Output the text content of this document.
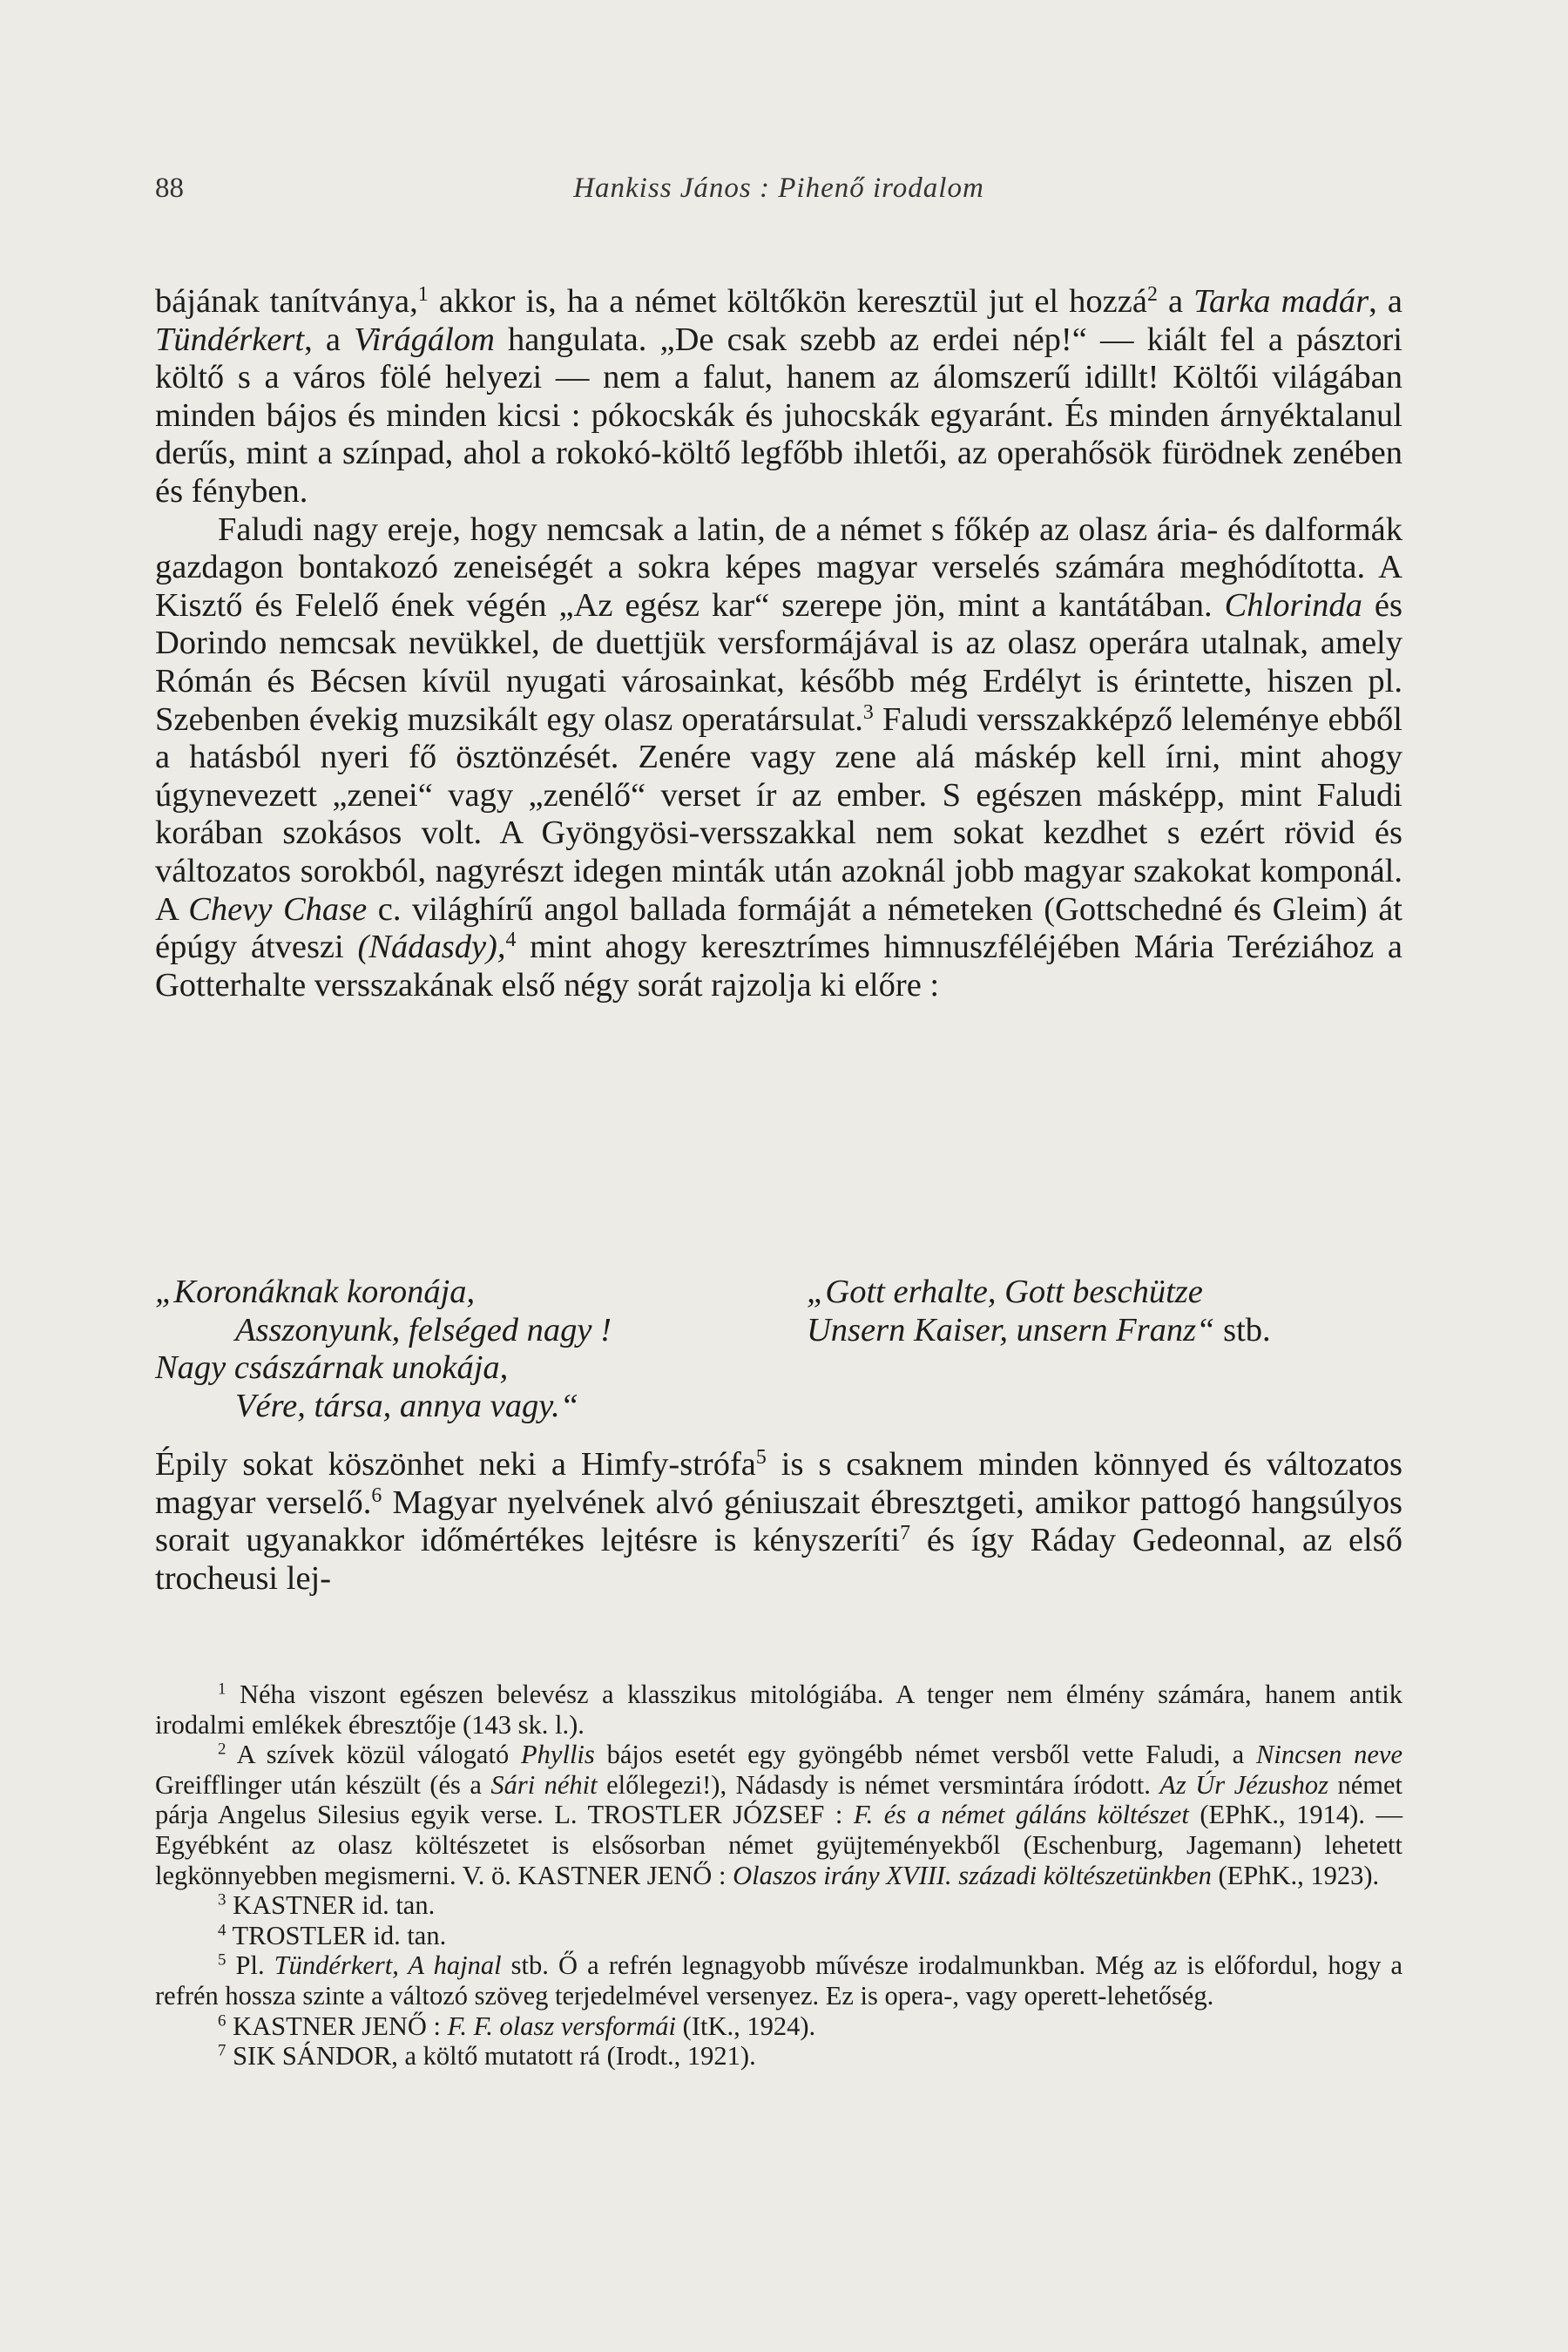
88	Hankiss János : Pihenő irodalom

bájának tanítványa,$^1$ akkor is, ha a német költőkön keresztül jut el hozzá$^2$ a Tarka madár, a Tündérkert, a Virágálom hangulata. „De csak szebb az erdei nép!“ — kiált fel a pásztori költő s a város fölé helyezi — nem a falut, hanem az álomszerű idillt! Költői világában minden bájos és minden kicsi : pókocskák és juhocskák egyaránt. És minden árnyéktalanul derűs, mint a színpad, ahol a rokokó-költő legfőbb ihletői, az operahősök fürödnek zenében és fényben.

Faludi nagy ereje, hogy nemcsak a latin, de a német s főkép az olasz ária- és dalformák gazdagon bontakozó zeneiségét a sokra képes magyar verselés számára meghódította. A Kisztő és Felelő ének végén „Az egész kar“ szerepe jön, mint a kantátában. Chlorinda és Dorindo nemcsak nevükkel, de duettjük versformájával is az olasz operára utalnak, amely Rómán és Bécsen kívül nyugati városainkat, később még Erdélyt is érintette, hiszen pl. Szebenben évekig muzsikált egy olasz operatársulat.$^3$ Faludi versszakképző leleménye ebből a hatásból nyeri fő ösztönzését. Zenére vagy zene alá máskép kell írni, mint ahogy úgynevezett „zenei“ vagy „zenélő“ verset ír az ember. S egészen másképp, mint Faludi korában szokásos volt. A Gyöngyösi-versszakkal nem sokat kezdhet s ezért rövid és változatos sorokból, nagyrészt idegen minták után azoknál jobb magyar szakokat komponál. A Chevy Chase c. világhírű angol ballada formáját a németeken (Gottschedné és Gleim) át épúgy átveszi (Nádasdy),$^4$ mint ahogy keresztrímes himnuszféléjében Mária Teréziához a Gotterhalte versszakának első négy sorát rajzolja ki előre :

„Koronáknak koronája,
Asszonyunk, felséged nagy !
Nagy császárnak unokája,
Vére, társa, annya vagy.“
„Gott erhalte, Gott beschütze
Unsern Kaiser, unsern Franz“ stb.

Épily sokat köszönhet neki a Himfy-strófa$^5$ is s csaknem minden könnyed és változatos magyar verselő.$^6$ Magyar nyelvének alvó géniuszait ébresztgeti, amikor pattogó hangsúlyos sorait ugyanakkor időmértékes lejtésre is kényszeríti$^7$ és így Ráday Gedeonnal, az első trocheusi lej-

$^1$ Néha viszont egészen belevész a klasszikus mitológiába. A tenger nem élmény számára, hanem antik irodalmi emlékek ébresztője (143 sk. l.).

$^2$ A szívek közül válogató Phyllis bájos esetét egy gyöngébb német versből vette Faludi, a Nincsen neve Greifflinger után készült (és a Sári néhit előlegezi!), Nádasdy is német versmintára íródott. Az Úr Jézushoz német párja Angelus Silesius egyik verse. L. TROSTLER JÓZSEF : F. és a német gáláns költészet (EPhK., 1914). — Egyébként az olasz költészetet is elsősorban német gyüjteményekből (Eschenburg, Jagemann) lehetett legkönnyebben megismerni. V. ö. KASTNER JENŐ : Olaszos irány XVIII. századi költészetünkben (EPhK., 1923).

$^3$ KASTNER id. tan.

$^4$ TROSTLER id. tan.

$^5$ Pl. Tündérkert, A hajnal stb. Ő a refrén legnagyobb művésze irodalmunkban. Még az is előfordul, hogy a refrén hossza szinte a változó szöveg terjedelmével versenyez. Ez is opera-, vagy operett-lehetőség.

$^6$ KASTNER JENŐ : F. F. olasz versformái (ItK., 1924).

$^7$ SIK SÁNDOR, a költő mutatott rá (Irodt., 1921).
